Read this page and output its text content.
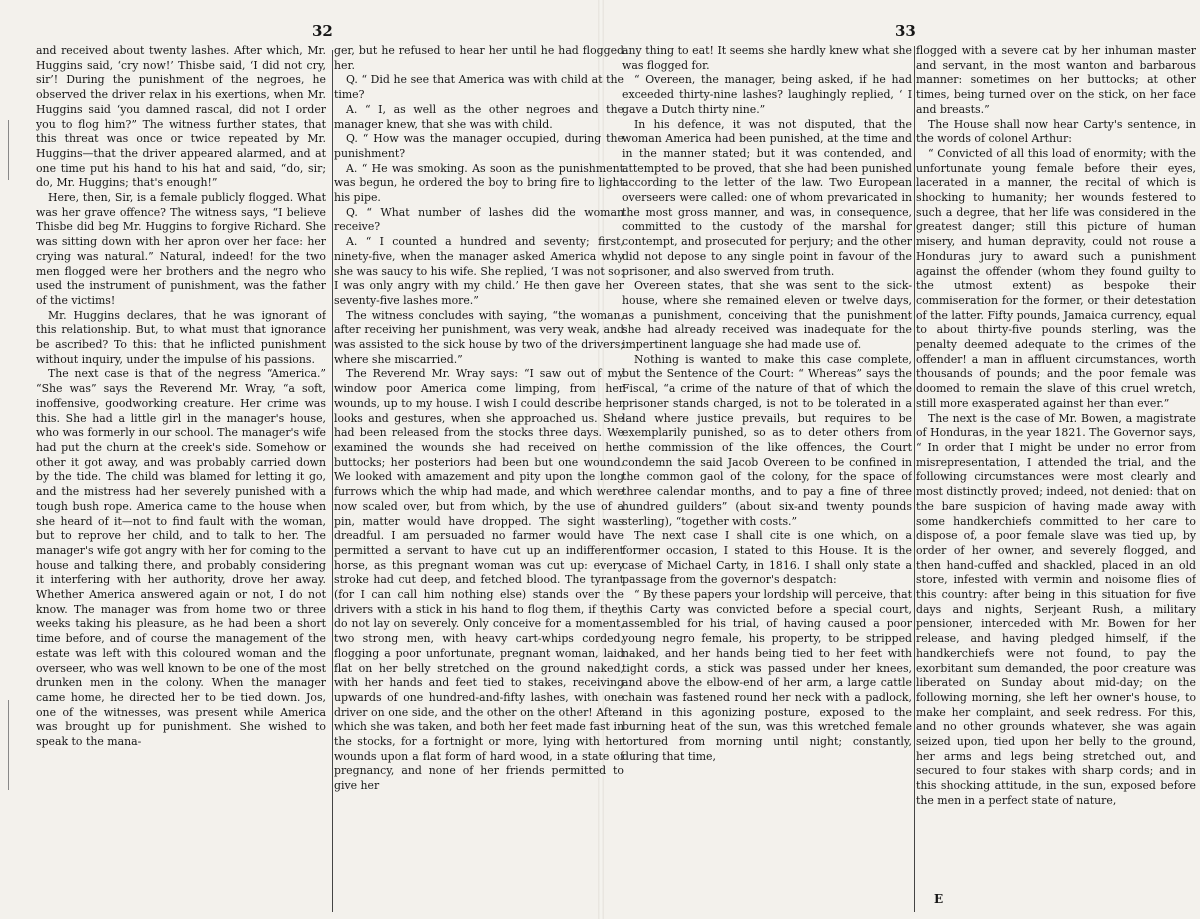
32

and received about twenty lashes. After which, Mr. Huggins said, ‘cry now!’ Thisbe said, ‘I did not cry, sir’! During the punishment of the negroes, he observed the driver relax in his exertions, when Mr. Huggins said ‘you damned rascal, did not I order you to flog him?” The witness further states, that this threat was once or twice repeated by Mr. Huggins—that the driver appeared alarmed, and at one time put his hand to his hat and said, “do, sir; do, Mr. Huggins; that's enough!”

Here, then, Sir, is a female publicly flogged. What was her grave offence? The witness says, “I believe Thisbe did beg Mr. Huggins to forgive Richard. She was sitting down with her apron over her face: her crying was natural.” Natural, indeed! for the two men flogged were her brothers and the negro who used the instrument of punishment, was the father of the victims!

Mr. Huggins declares, that he was ignorant of this relationship. But, to what must that ignorance be ascribed? To this: that he inflicted punishment without inquiry, under the impulse of his passions.

The next case is that of the negress “America.” “She was” says the Reverend Mr. Wray, “a soft, inoffensive, goodworking creature. Her crime was this. She had a little girl in the manager's house, who was formerly in our school. The manager's wife had put the churn at the creek's side. Somehow or other it got away, and was probably carried down by the tide. The child was blamed for letting it go, and the mistress had her severely punished with a tough bush rope. America came to the house when she heard of it—not to find fault with the woman, but to reprove her child, and to talk to her. The manager's wife got angry with her for coming to the house and talking there, and probably considering it interfering with her authority, drove her away. Whether America answered again or not, I do not know. The manager was from home two or three weeks taking his pleasure, as he had been a short time before, and of course the management of the estate was left with this coloured woman and the overseer, who was well known to be one of the most drunken men in the colony. When the manager came home, he directed her to be tied down. Jos, one of the witnesses, was present while America was brought up for punishment. She wished to speak to the mana-

ger, but he refused to hear her until he had flogged her.

Q. “ Did he see that America was with child at the time?

A. “ I, as well as the other negroes and the manager knew, that she was with child.

Q. “ How was the manager occupied, during the punishment?

A. “ He was smoking. As soon as the punishment was begun, he ordered the boy to bring fire to light his pipe.

Q. “ What number of lashes did the woman receive?

A. “ I counted a hundred and seventy; first, ninety-five, when the manager asked America why she was saucy to his wife. She replied, ‘I was not so: I was only angry with my child.’ He then gave her seventy-five lashes more.”

The witness concludes with saying, “the woman, after receiving her punishment, was very weak, and was assisted to the sick house by two of the drivers; where she miscarried.”

The Reverend Mr. Wray says: “I saw out of my window poor America come limping, from her wounds, up to my house. I wish I could describe her looks and gestures, when she approached us. She had been released from the stocks three days. We examined the wounds she had received on her buttocks; her posteriors had been but one wound. We looked with amazement and pity upon the long furrows which the whip had made, and which were now scaled over, but from which, by the use of a pin, matter would have dropped. The sight was dreadful. I am persuaded no farmer would have permitted a servant to have cut up an indifferent horse, as this pregnant woman was cut up: every stroke had cut deep, and fetched blood. The tyrant (for I can call him nothing else) stands over the drivers with a stick in his hand to flog them, if they do not lay on severely. Only conceive for a moment, two strong men, with heavy cart-whips corded, flogging a poor unfortunate, pregnant woman, laid flat on her belly stretched on the ground naked, with her hands and feet tied to stakes, receiving upwards of one hundred-and-fifty lashes, with one driver on one side, and the other on the other! After which she was taken, and both her feet made fast in the stocks, for a fortnight or more, lying with her wounds upon a flat form of hard wood, in a state of pregnancy, and none of her friends permitted to give her

33

any thing to eat! It seems she hardly knew what she was flogged for.

“ Overeen, the manager, being asked, if he had exceeded thirty-nine lashes? laughingly replied, ‘ I gave a Dutch thirty nine.”

In his defence, it was not disputed, that the woman America had been punished, at the time and in the manner stated; but it was contended, and attempted to be proved, that she had been punished according to the letter of the law. Two European overseers were called: one of whom prevaricated in the most gross manner, and was, in consequence, committed to the custody of the marshal for contempt, and prosecuted for perjury; and the other did not depose to any single point in favour of the prisoner, and also swerved from truth.

Overeen states, that she was sent to the sick-house, where she remained eleven or twelve days, as a punishment, conceiving that the punishment she had already received was inadequate for the impertinent language she had made use of.

Nothing is wanted to make this case complete, but the Sentence of the Court: “ Whereas” says the Fiscal, “a crime of the nature of that of which the prisoner stands charged, is not to be tolerated in a land where justice prevails, but requires to be exemplarily punished, so as to deter others from the commission of the like offences, the Court condemn the said Jacob Overeen to be confined in the common gaol of the colony, for the space of three calendar months, and to pay a fine of three hundred guilders” (about six-and twenty pounds sterling), “together with costs.”

The next case I shall cite is one which, on a former occasion, I stated to this House. It is the case of Michael Carty, in 1816. I shall only state a passage from the governor's despatch:

“ By these papers your lordship will perceive, that this Carty was convicted before a special court, assembled for his trial, of having caused a poor young negro female, his property, to be stripped naked, and her hands being tied to her feet with tight cords, a stick was passed under her knees, and above the elbow-end of her arm, a large cattle chain was fastened round her neck with a padlock, and in this agonizing posture, exposed to the burning heat of the sun, was this wretched female tortured from morning until night; constantly, during that time,

flogged with a severe cat by her inhuman master and servant, in the most wanton and barbarous manner: sometimes on her buttocks; at other times, being turned over on the stick, on her face and breasts.”

The House shall now hear Carty's sentence, in the words of colonel Arthur:

“ Convicted of all this load of enormity; with the unfortunate young female before their eyes, lacerated in a manner, the recital of which is shocking to humanity; her wounds festered to such a degree, that her life was considered in the greatest danger; still this picture of human misery, and human depravity, could not rouse a Honduras jury to award such a punishment against the offender (whom they found guilty to the utmost extent) as bespoke their commiseration for the former, or their detestation of the latter. Fifty pounds, Jamaica currency, equal to about thirty-five pounds sterling, was the penalty deemed adequate to the crimes of the offender! a man in affluent circumstances, worth thousands of pounds; and the poor female was doomed to remain the slave of this cruel wretch, still more exasperated against her than ever.”

The next is the case of Mr. Bowen, a magistrate of Honduras, in the year 1821. The Governor says, “ In order that I might be under no error from misrepresentation, I attended the trial, and the following circumstances were most clearly and most distinctly proved; indeed, not denied: that on the bare suspicion of having made away with some handkerchiefs committed to her care to dispose of, a poor female slave was tied up, by order of her owner, and severely flogged, and then hand-cuffed and shackled, placed in an old store, infested with vermin and noisome flies of this country: after being in this situation for five days and nights, Serjeant Rush, a military pensioner, interceded with Mr. Bowen for her release, and having pledged himself, if the handkerchiefs were not found, to pay the exorbitant sum demanded, the poor creature was liberated on Sunday about mid-day; on the following morning, she left her owner's house, to make her complaint, and seek redress. For this, and no other grounds whatever, she was again seized upon, tied upon her belly to the ground, her arms and legs being stretched out, and secured to four stakes with sharp cords; and in this shocking attitude, in the sun, exposed before the men in a perfect state of nature,

E
